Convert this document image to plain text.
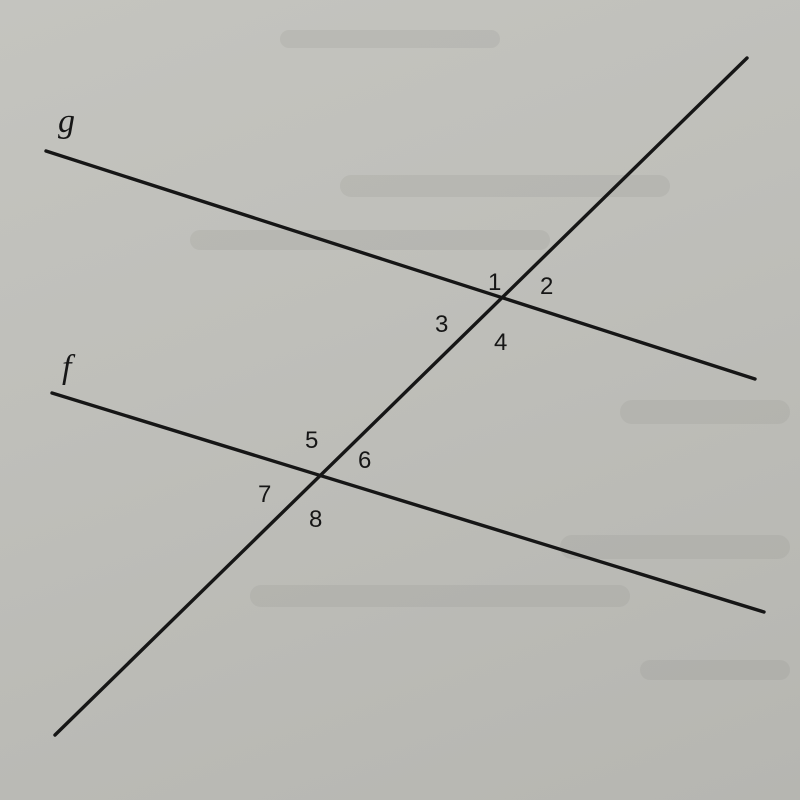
g
f
1 2
3
4
5
6
7
8
